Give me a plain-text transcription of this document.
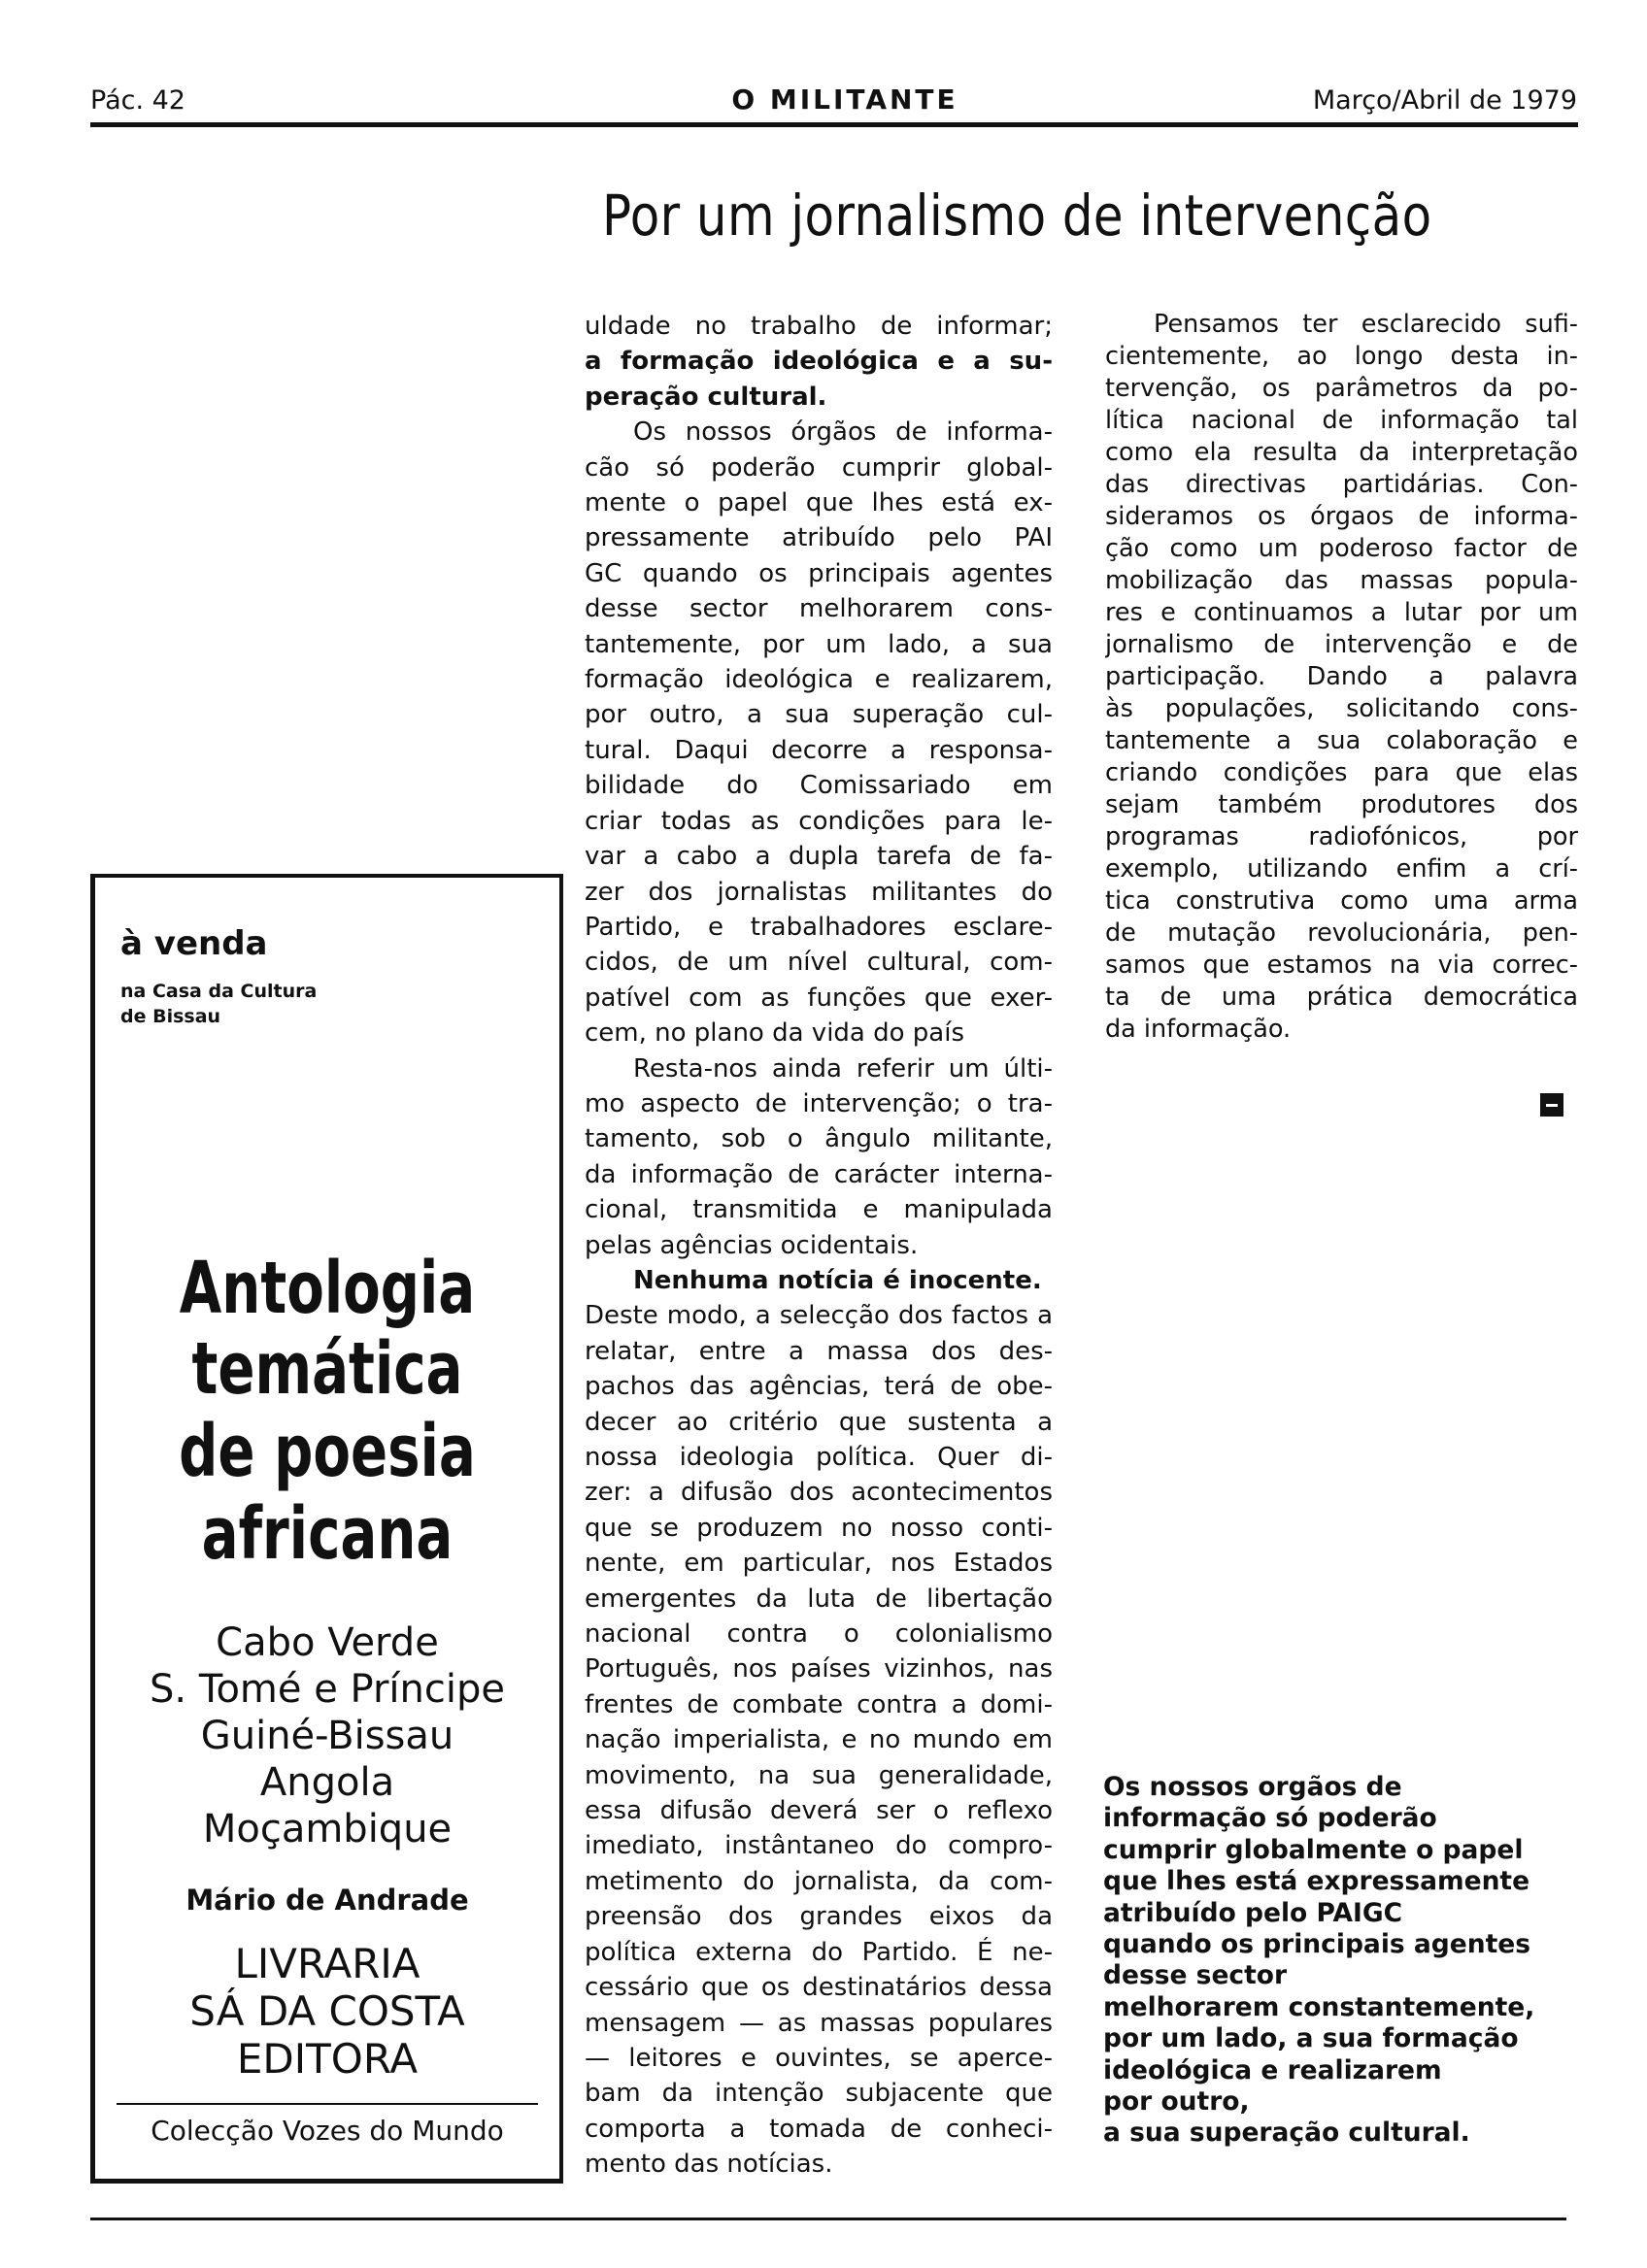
Pác. 42	O MILITANTE	Março/Abril de 1979
Por um jornalismo de intervenção
uldade no trabalho de informar;
a formação ideológica e a su-
peração cultural.
Os nossos órgãos de informa-
cão só poderão cumprir global-
mente o papel que lhes está ex-
pressamente atribuído pelo PAI
GC quando os principais agentes
desse sector melhorarem cons-
tantemente, por um lado, a sua
formação ideológica e realizarem,
por outro, a sua superação cul-
tural. Daqui decorre a responsa-
bilidade do Comissariado em
criar todas as condições para le-
var a cabo a dupla tarefa de fa-
zer dos jornalistas militantes do
Partido, e trabalhadores esclare-
cidos, de um nível cultural, com-
patível com as funções que exer-
cem, no plano da vida do país
Resta-nos ainda referir um últi-
mo aspecto de intervenção; o tra-
tamento, sob o ângulo militante,
da informação de carácter interna-
cional, transmitida e manipulada
pelas agências ocidentais.
Nenhuma notícia é inocente.
Deste modo, a selecção dos factos a
relatar, entre a massa dos des-
pachos das agências, terá de obe-
decer ao critério que sustenta a
nossa ideologia política. Quer di-
zer: a difusão dos acontecimentos
que se produzem no nosso conti-
nente, em particular, nos Estados
emergentes da luta de libertação
nacional contra o colonialismo
Português, nos países vizinhos, nas
frentes de combate contra a domi-
nação imperialista, e no mundo em
movimento, na sua generalidade,
essa difusão deverá ser o reflexo
imediato, instântaneo do compro-
metimento do jornalista, da com-
preensão dos grandes eixos da
política externa do Partido. É ne-
cessário que os destinatários dessa
mensagem — as massas populares
— leitores e ouvintes, se aperce-
bam da intenção subjacente que
comporta a tomada de conheci-
mento das notícias.
Pensamos ter esclarecido sufi-
cientemente, ao longo desta in-
tervenção, os parâmetros da po-
lítica nacional de informação tal
como ela resulta da interpretação
das directivas partidárias. Con-
sideramos os órgaos de informa-
ção como um poderoso factor de
mobilização das massas popula-
res e continuamos a lutar por um
jornalismo de intervenção e de
participação. Dando a palavra
às populações, solicitando cons-
tantemente a sua colaboração e
criando condições para que elas
sejam também produtores dos
programas radiofónicos, por
exemplo, utilizando enfim a crí-
tica construtiva como uma arma
de mutação revolucionária, pen-
samos que estamos na via correc-
ta de uma prática democrática
da informação.
Os nossos orgãos de
informação só poderão
cumprir globalmente o papel
que lhes está expressamente
atribuído pelo PAIGC
quando os principais agentes
desse sector
melhorarem constantemente,
por um lado, a sua formação
ideológica e realizarem
por outro,
a sua superação cultural.
à venda
na Casa da Cultura
de Bissau
Antologia
temática
de poesia
africana
Cabo Verde
S. Tomé e Príncipe
Guiné-Bissau
Angola
Moçambique
Mário de Andrade
LIVRARIA
SÁ DA COSTA
EDITORA
Colecção Vozes do Mundo
